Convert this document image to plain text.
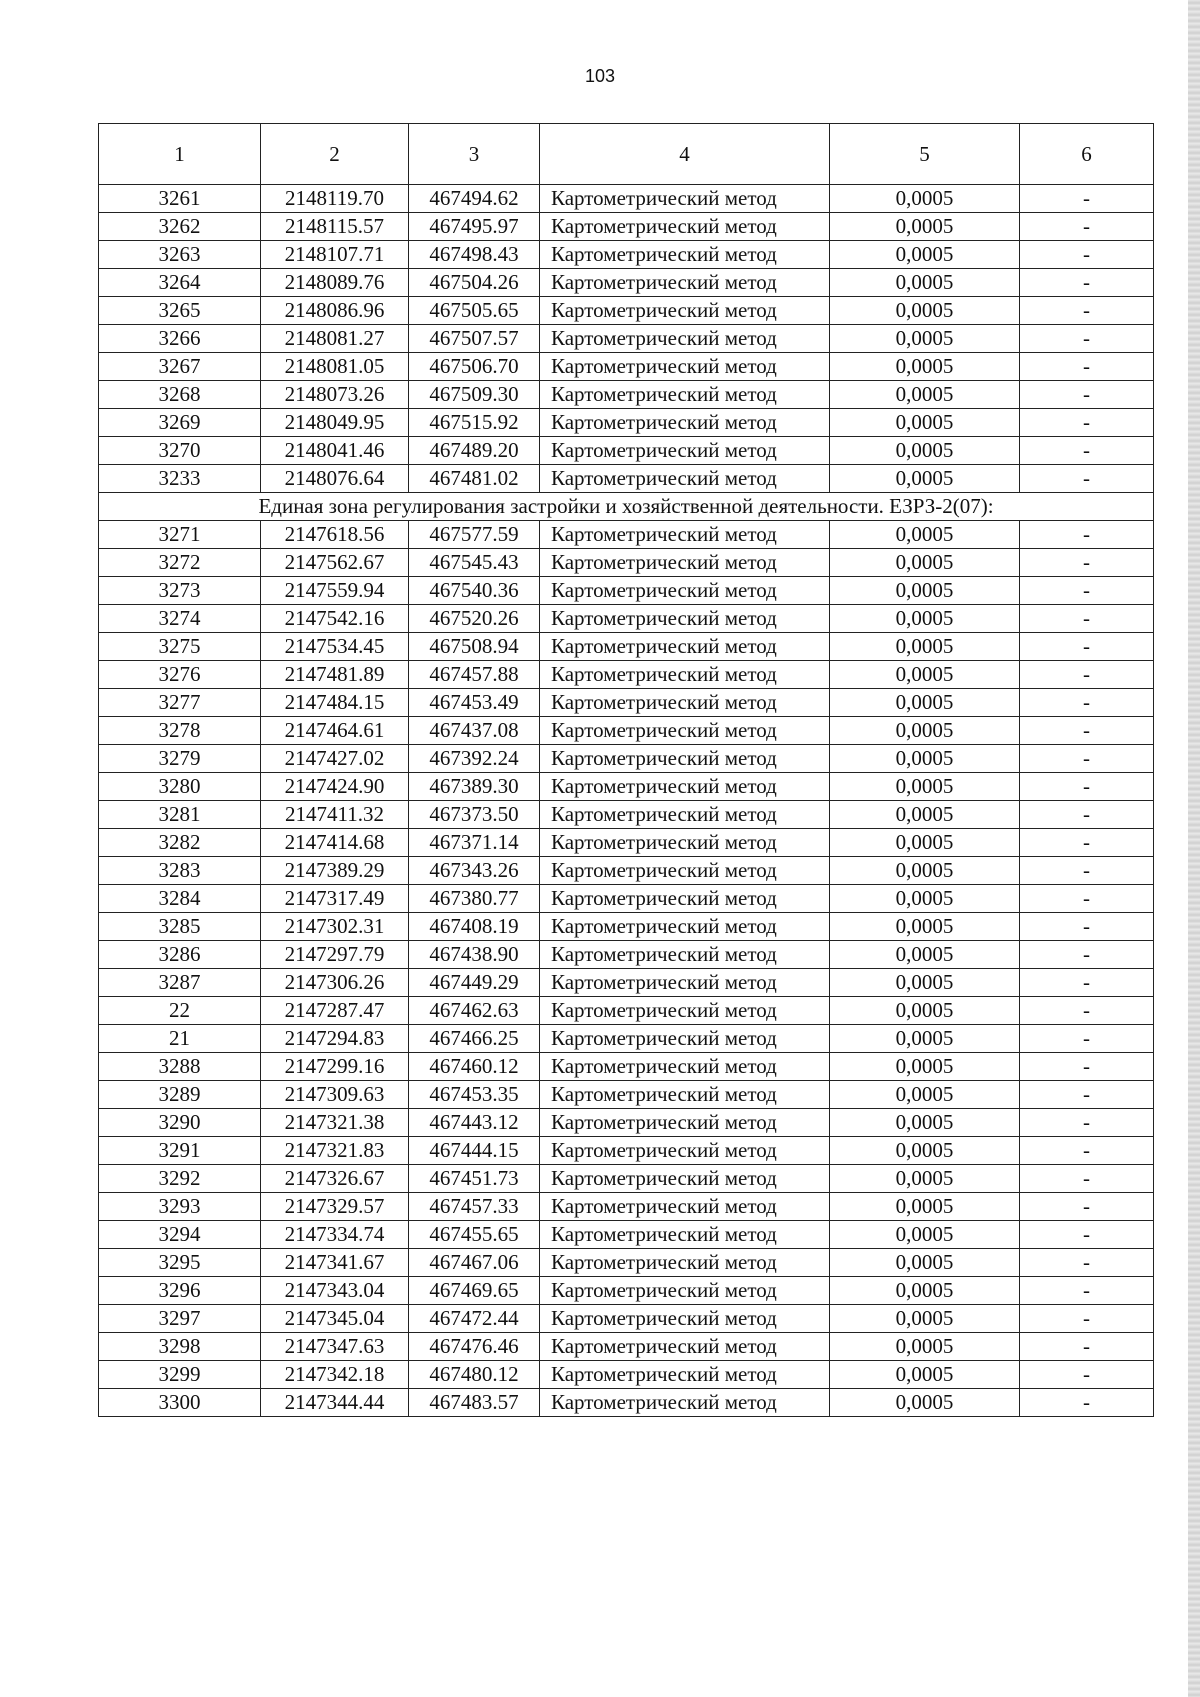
103
1	2	3	4	5	6
3261	2148119.70	467494.62	Картометрический метод	0,0005	-
3262	2148115.57	467495.97	Картометрический метод	0,0005	-
3263	2148107.71	467498.43	Картометрический метод	0,0005	-
3264	2148089.76	467504.26	Картометрический метод	0,0005	-
3265	2148086.96	467505.65	Картометрический метод	0,0005	-
3266	2148081.27	467507.57	Картометрический метод	0,0005	-
3267	2148081.05	467506.70	Картометрический метод	0,0005	-
3268	2148073.26	467509.30	Картометрический метод	0,0005	-
3269	2148049.95	467515.92	Картометрический метод	0,0005	-
3270	2148041.46	467489.20	Картометрический метод	0,0005	-
3233	2148076.64	467481.02	Картометрический метод	0,0005	-
Единая зона регулирования застройки и хозяйственной деятельности. ЕЗРЗ-2(07):					
3271	2147618.56	467577.59	Картометрический метод	0,0005	-
3272	2147562.67	467545.43	Картометрический метод	0,0005	-
3273	2147559.94	467540.36	Картометрический метод	0,0005	-
3274	2147542.16	467520.26	Картометрический метод	0,0005	-
3275	2147534.45	467508.94	Картометрический метод	0,0005	-
3276	2147481.89	467457.88	Картометрический метод	0,0005	-
3277	2147484.15	467453.49	Картометрический метод	0,0005	-
3278	2147464.61	467437.08	Картометрический метод	0,0005	-
3279	2147427.02	467392.24	Картометрический метод	0,0005	-
3280	2147424.90	467389.30	Картометрический метод	0,0005	-
3281	2147411.32	467373.50	Картометрический метод	0,0005	-
3282	2147414.68	467371.14	Картометрический метод	0,0005	-
3283	2147389.29	467343.26	Картометрический метод	0,0005	-
3284	2147317.49	467380.77	Картометрический метод	0,0005	-
3285	2147302.31	467408.19	Картометрический метод	0,0005	-
3286	2147297.79	467438.90	Картометрический метод	0,0005	-
3287	2147306.26	467449.29	Картометрический метод	0,0005	-
22	2147287.47	467462.63	Картометрический метод	0,0005	-
21	2147294.83	467466.25	Картометрический метод	0,0005	-
3288	2147299.16	467460.12	Картометрический метод	0,0005	-
3289	2147309.63	467453.35	Картометрический метод	0,0005	-
3290	2147321.38	467443.12	Картометрический метод	0,0005	-
3291	2147321.83	467444.15	Картометрический метод	0,0005	-
3292	2147326.67	467451.73	Картометрический метод	0,0005	-
3293	2147329.57	467457.33	Картометрический метод	0,0005	-
3294	2147334.74	467455.65	Картометрический метод	0,0005	-
3295	2147341.67	467467.06	Картометрический метод	0,0005	-
3296	2147343.04	467469.65	Картометрический метод	0,0005	-
3297	2147345.04	467472.44	Картометрический метод	0,0005	-
3298	2147347.63	467476.46	Картометрический метод	0,0005	-
3299	2147342.18	467480.12	Картометрический метод	0,0005	-
3300	2147344.44	467483.57	Картометрический метод	0,0005	-
